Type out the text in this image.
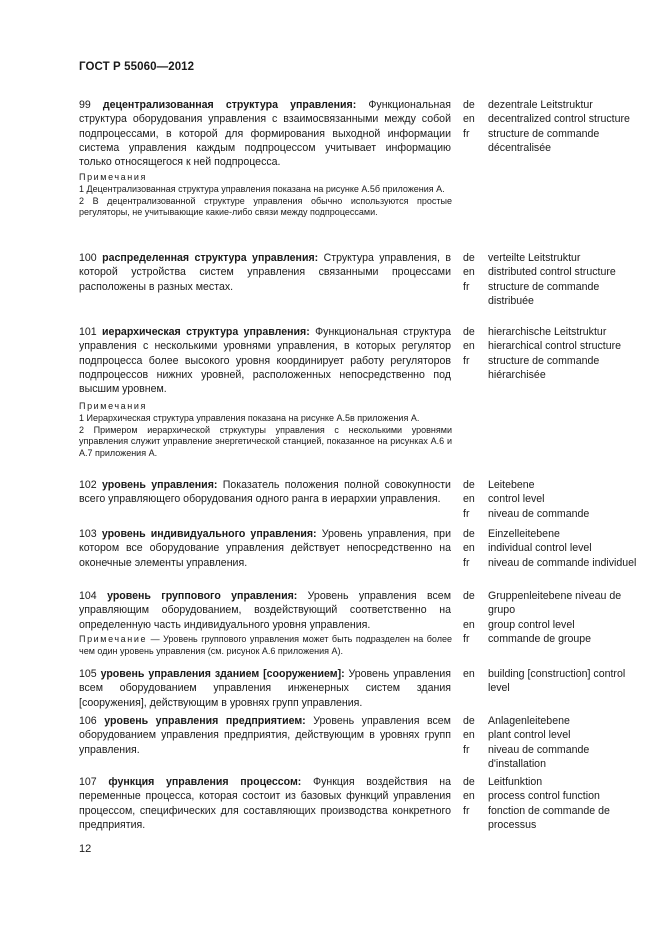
ГОСТ Р 55060—2012
99 децентрализованная структура управления: Функциональная структура оборудования управления с взаимосвязанными между собой подпроцессами, в которой для формирования выходной информации система управления каждым подпроцессом учитывает информацию только относящегося к ней подпроцесса.
de	dezentrale Leitstruktur
en	decentralized control structure
fr	structure de commande décentralisée
Примечания
1 Децентрализованная структура управления показана на рисунке А.5б приложения А.
2 В децентрализованной структуре управления обычно используются простые регуляторы, не учитывающие какие-либо связи между подпроцессами.
100 распределенная структура управления: Структура управления, в которой устройства систем управления связанными процессами расположены в разных местах.
de	verteilte Leitstruktur
en	distributed control structure
fr	structure de commande distribuée
101 иерархическая структура управления: Функциональная структура управления с несколькими уровнями управления, в которых регулятор подпроцесса более высокого уровня координирует работу регуляторов подпроцессов нижних уровней, расположенных непосредственно под высшим уровнем.
de	hierarchische Leitstruktur
en	hierarchical control structure
fr	structure de commande hiérarchisée
Примечания
1 Иерархическая структура управления показана на рисунке А.5в приложения А.
2 Примером иерархической стркуктуры управления с несколькими уровнями управления служит управление энергетической станцией, показанное на рисунках А.6 и А.7 приложения А.
102 уровень управления: Показатель положения полной совокупности всего управляющего оборудования одного ранга в иерархии управления.
de	Leitebene
en	control level
fr	niveau de commande
103 уровень индивидуального управления: Уровень управления, при котором все оборудование управления действует непосредственно на оконечные элементы управления.
de	Einzelleitebene
en	individual control level
fr	niveau de commande individuel
104 уровень группового управления: Уровень управления всем управляющим оборудованием, воздействующий соответственно на определенную часть индивидуального уровня управления.
de	Gruppenleitebene niveau de grupo
en	group control level
fr	commande de groupe
Примечание — Уровень группового управления может быть подразделен на более чем один уровень управления (см. рисунок А.6 приложения А).
105 уровень управления зданием [сооружением]: Уровень управления всем оборудованием управления инженерных систем здания [сооружения], действующим в уровнях групп управления.
en	building [construction] control level
106 уровень управления предприятием: Уровень управления всем оборудованием управления предприятия, действующим в уровнях групп управления.
de	Anlagenleitebene
en	plant control level
fr	niveau de commande d'installation
107 функция управления процессом: Функция воздействия на переменные процесса, которая состоит из базовых функций управления процессом, специфических для составляющих производства конкретного предприятия.
de	Leitfunktion
en	process control function
fr	fonction de commande de processus
12
